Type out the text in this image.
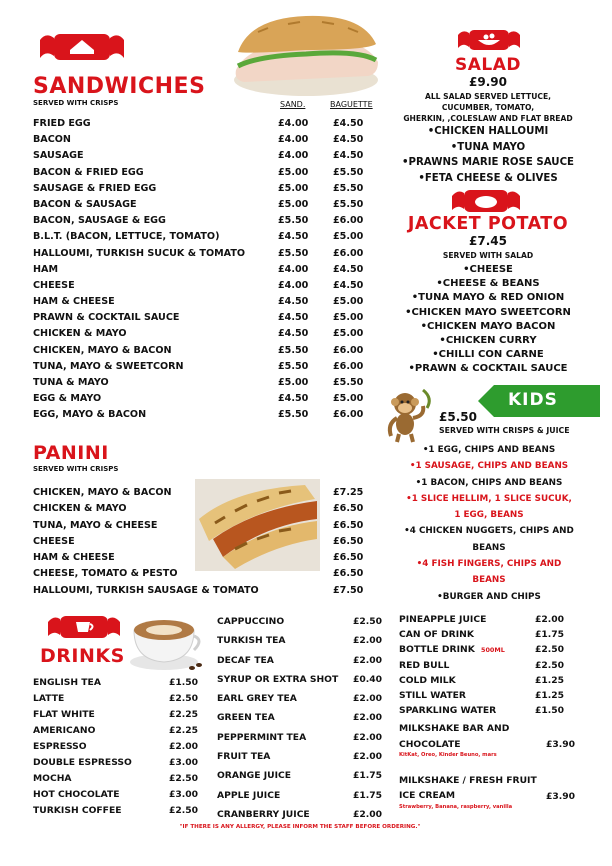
SANDWICHES
SERVED WITH CRISPS	SAND.	BAGUETTE
FRIED EGG	£4.00	£4.50
BACON	£4.00	£4.50
SAUSAGE	£4.00	£4.50
BACON & FRIED EGG	£5.00	£5.50
SAUSAGE & FRIED EGG	£5.00	£5.50
BACON & SAUSAGE	£5.00	£5.50
BACON, SAUSAGE & EGG	£5.50	£6.00
B.L.T. (BACON, LETTUCE, TOMATO)	£4.50	£5.00
HALLOUMI, TURKISH SUCUK & TOMATO	£5.50	£6.00
HAM	£4.00	£4.50
CHEESE	£4.00	£4.50
HAM & CHEESE	£4.50	£5.00
PRAWN & COCKTAIL SAUCE	£4.50	£5.00
CHICKEN & MAYO	£4.50	£5.00
CHICKEN, MAYO & BACON	£5.50	£6.00
TUNA, MAYO & SWEETCORN	£5.50	£6.00
TUNA & MAYO	£5.00	£5.50
EGG & MAYO	£4.50	£5.00
EGG, MAYO & BACON	£5.50	£6.00
PANINI
SERVED WITH CRISPS
CHICKEN, MAYO & BACON	£7.25
CHICKEN & MAYO	£6.50
TUNA, MAYO & CHEESE	£6.50
CHEESE	£6.50
HAM & CHEESE	£6.50
CHEESE, TOMATO & PESTO	£6.50
HALLOUMI, TURKISH SAUSAGE & TOMATO	£7.50
SALAD
£9.90
ALL SALAD SERVED LETTUCE,
CUCUMBER, TOMATO,
GHERKIN, ,COLESLAW AND FLAT BREAD
•CHICKEN HALLOUMI
•TUNA MAYO
•PRAWNS MARIE ROSE SAUCE
•FETA CHEESE & OLIVES
JACKET POTATO
£7.45
SERVED WITH SALAD
•CHEESE
•CHEESE & BEANS
•TUNA MAYO & RED ONION
•CHICKEN MAYO SWEETCORN
•CHICKEN MAYO BACON
•CHICKEN CURRY
•CHILLI CON CARNE
•PRAWN & COCKTAIL SAUCE
KIDS
£5.50
SERVED WITH CRISPS & JUICE
•1 EGG, CHIPS AND BEANS
•1 SAUSAGE, CHIPS AND BEANS
•1 BACON, CHIPS AND BEANS
•1 SLICE HELLIM, 1 SLICE SUCUK,
1 EGG, BEANS
•4 CHICKEN NUGGETS, CHIPS AND
BEANS
•4 FISH FINGERS, CHIPS AND
BEANS
•BURGER AND CHIPS
DRINKS
ENGLISH TEA	£1.50
LATTE	£2.50
FLAT WHITE	£2.25
AMERICANO	£2.25
ESPRESSO	£2.00
DOUBLE ESPRESSO	£3.00
MOCHA	£2.50
HOT CHOCOLATE	£3.00
TURKISH COFFEE	£2.50
CAPPUCCINO	£2.50
TURKISH TEA	£2.00
DECAF TEA	£2.00
SYRUP OR EXTRA SHOT £0.40
EARL GREY TEA	£2.00
GREEN TEA	£2.00
PEPPERMINT TEA	£2.00
FRUIT TEA	£2.00
ORANGE JUICE	£1.75
APPLE JUICE	£1.75
CRANBERRY JUICE	£2.00
PINEAPPLE JUICE	£2.00
CAN OF DRINK	£1.75
BOTTLE DRINK 500ML	£2.50
RED BULL	£2.50
COLD MILK	£1.25
STILL WATER	£1.25
SPARKLING WATER	£1.50
MILKSHAKE BAR AND
CHOCOLATE	£3.90
KitKat, Oreo, Kinder Beuno, mars
MILKSHAKE / FRESH FRUIT
ICE CREAM	£3.90
Strawberry, Banana, raspberry, vanilla
"IF THERE IS ANY ALLERGY, PLEASE INFORM THE STAFF BEFORE ORDERING."
